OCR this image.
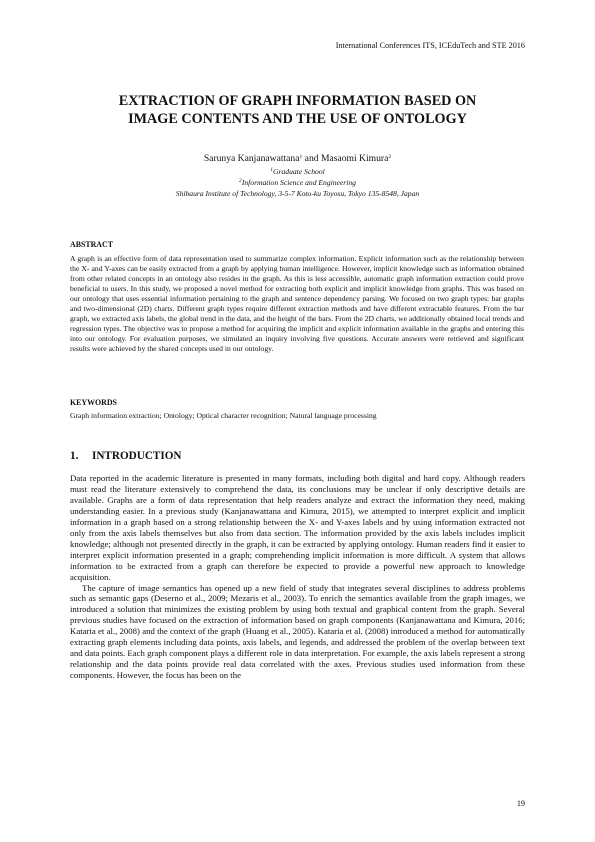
International Conferences ITS, ICEduTech and STE 2016
EXTRACTION OF GRAPH INFORMATION BASED ON
IMAGE CONTENTS AND THE USE OF ONTOLOGY
Sarunya Kanjanawattana$^1$ and Masaomi Kimura$^2$
$^1$Graduate School
$^2$Information Science and Engineering
Shibaura Institute of Technology, 3-5-7 Koto-ku Toyosu, Tokyo 135-8548, Japan
ABSTRACT

A graph is an effective form of data representation used to summarize complex information. Explicit information such as the relationship between the X- and Y-axes can be easily extracted from a graph by applying human intelligence. However, implicit knowledge such as information obtained from other related concepts in an ontology also resides in the graph. As this is less accessible, automatic graph information extraction could prove beneficial to users. In this study, we proposed a novel method for extracting both explicit and implicit knowledge from graphs. This was based on our ontology that uses essential information pertaining to the graph and sentence dependency parsing. We focused on two graph types: bar graphs and two-dimensional (2D) charts. Different graph types require different extraction methods and have different extractable features. From the bar graph, we extracted axis labels, the global trend in the data, and the height of the bars. From the 2D charts, we additionally obtained local trends and regression types. The objective was to propose a method for acquiring the implicit and explicit information available in the graphs and entering this into our ontology. For evaluation purposes, we simulated an inquiry involving five questions. Accurate answers were retrieved and significant results were achieved by the shared concepts used in our ontology.

KEYWORDS

Graph information extraction; Ontology; Optical character recognition; Natural language processing

1. INTRODUCTION

Data reported in the academic literature is presented in many formats, including both digital and hard copy. Although readers must read the literature extensively to comprehend the data, its conclusions may be unclear if only descriptive details are available. Graphs are a form of data representation that help readers analyze and extract the information they need, making understanding easier. In a previous study (Kanjanawattana and Kimura, 2015), we attempted to interpret explicit and implicit information in a graph based on a strong relationship between the X- and Y-axes labels and by using information extracted not only from the axis labels themselves but also from data section. The information provided by the axis labels includes implicit knowledge; although not presented directly in the graph, it can be extracted by applying ontology. Human readers find it easier to interpret explicit information presented in a graph; comprehending implicit information is more difficult. A system that allows information to be extracted from a graph can therefore be expected to provide a powerful new approach to knowledge acquisition.

The capture of image semantics has opened up a new field of study that integrates several disciplines to address problems such as semantic gaps (Deserno et al., 2009; Mezaris et al., 2003). To enrich the semantics available from the graph images, we introduced a solution that minimizes the existing problem by using both textual and graphical content from the graph. Several previous studies have focused on the extraction of information based on graph components (Kanjanawattana and Kimura, 2016; Kataria et al., 2008) and the context of the graph (Huang et al., 2005). Kataria et al. (2008) introduced a method for automatically extracting graph elements including data points, axis labels, and legends, and addressed the problem of the overlap between text and data points. Each graph component plays a different role in data interpretation. For example, the axis labels represent a strong relationship and the data points provide real data correlated with the axes. Previous studies used information from these components. However, the focus has been on the

19
